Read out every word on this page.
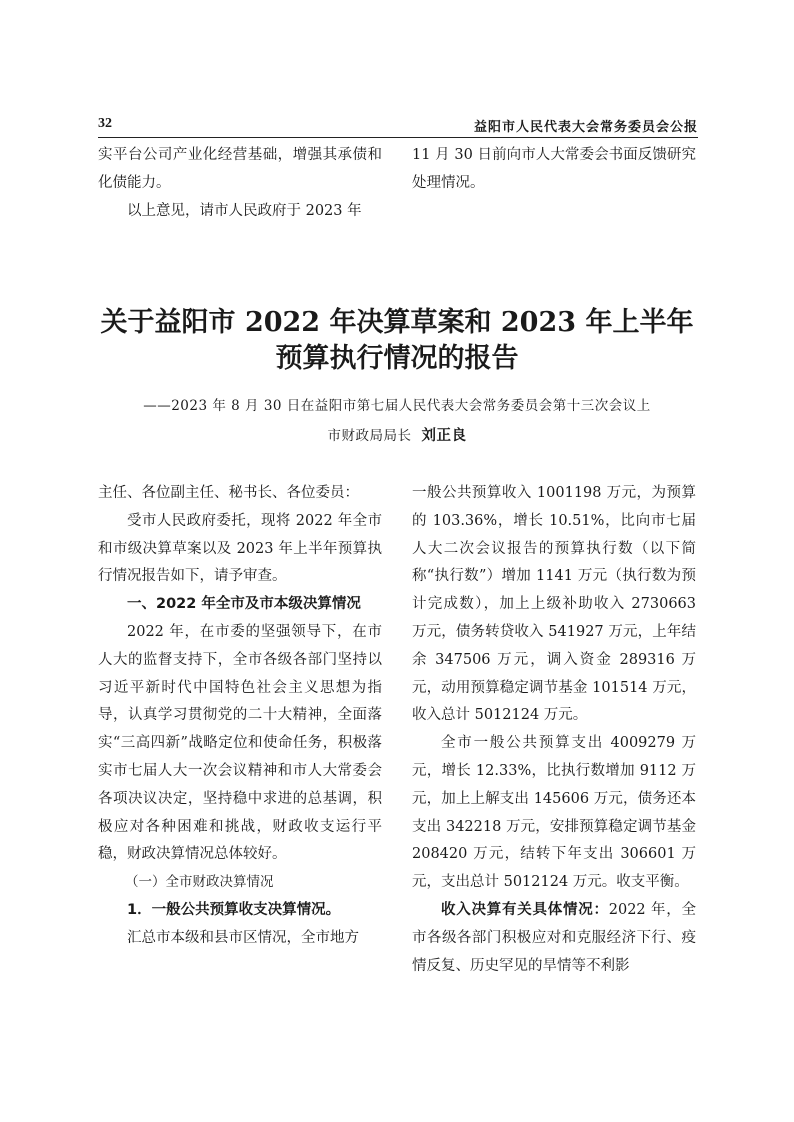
32	益阳市人民代表大会常务委员会公报

实平台公司产业化经营基础，增强其承债和化债能力。

以上意见，请市人民政府于 2023 年

11 月 30 日前向市人大常委会书面反馈研究处理情况。

关于益阳市 2022 年决算草案和 2023 年上半年
预算执行情况的报告
——2023 年 8 月 30 日在益阳市第七届人民代表大会常务委员会第十三次会议上
市财政局局长 刘正良

主任、各位副主任、秘书长、各位委员：

受市人民政府委托，现将 2022 年全市和市级决算草案以及 2023 年上半年预算执行情况报告如下，请予审查。

一、2022 年全市及市本级决算情况

2022 年，在市委的坚强领导下，在市人大的监督支持下，全市各级各部门坚持以习近平新时代中国特色社会主义思想为指导，认真学习贯彻党的二十大精神，全面落实“三高四新”战略定位和使命任务，积极落实市七届人大一次会议精神和市人大常委会各项决议决定，坚持稳中求进的总基调，积极应对各种困难和挑战，财政收支运行平稳，财政决算情况总体较好。

（一）全市财政决算情况

1．一般公共预算收支决算情况。

汇总市本级和县市区情况，全市地方

一般公共预算收入 1001198 万元，为预算的 103.36%，增长 10.51%，比向市七届人大二次会议报告的预算执行数（以下简称“执行数”）增加 1141 万元（执行数为预计完成数），加上上级补助收入 2730663 万元，债务转贷收入 541927 万元，上年结余 347506 万元，调入资金 289316 万元，动用预算稳定调节基金 101514 万元，收入总计 5012124 万元。

全市一般公共预算支出 4009279 万元，增长 12.33%，比执行数增加 9112 万元，加上上解支出 145606 万元，债务还本支出 342218 万元，安排预算稳定调节基金 208420 万元，结转下年支出 306601 万元，支出总计 5012124 万元。收支平衡。

收入决算有关具体情况：2022 年，全市各级各部门积极应对和克服经济下行、疫情反复、历史罕见的旱情等不利影
